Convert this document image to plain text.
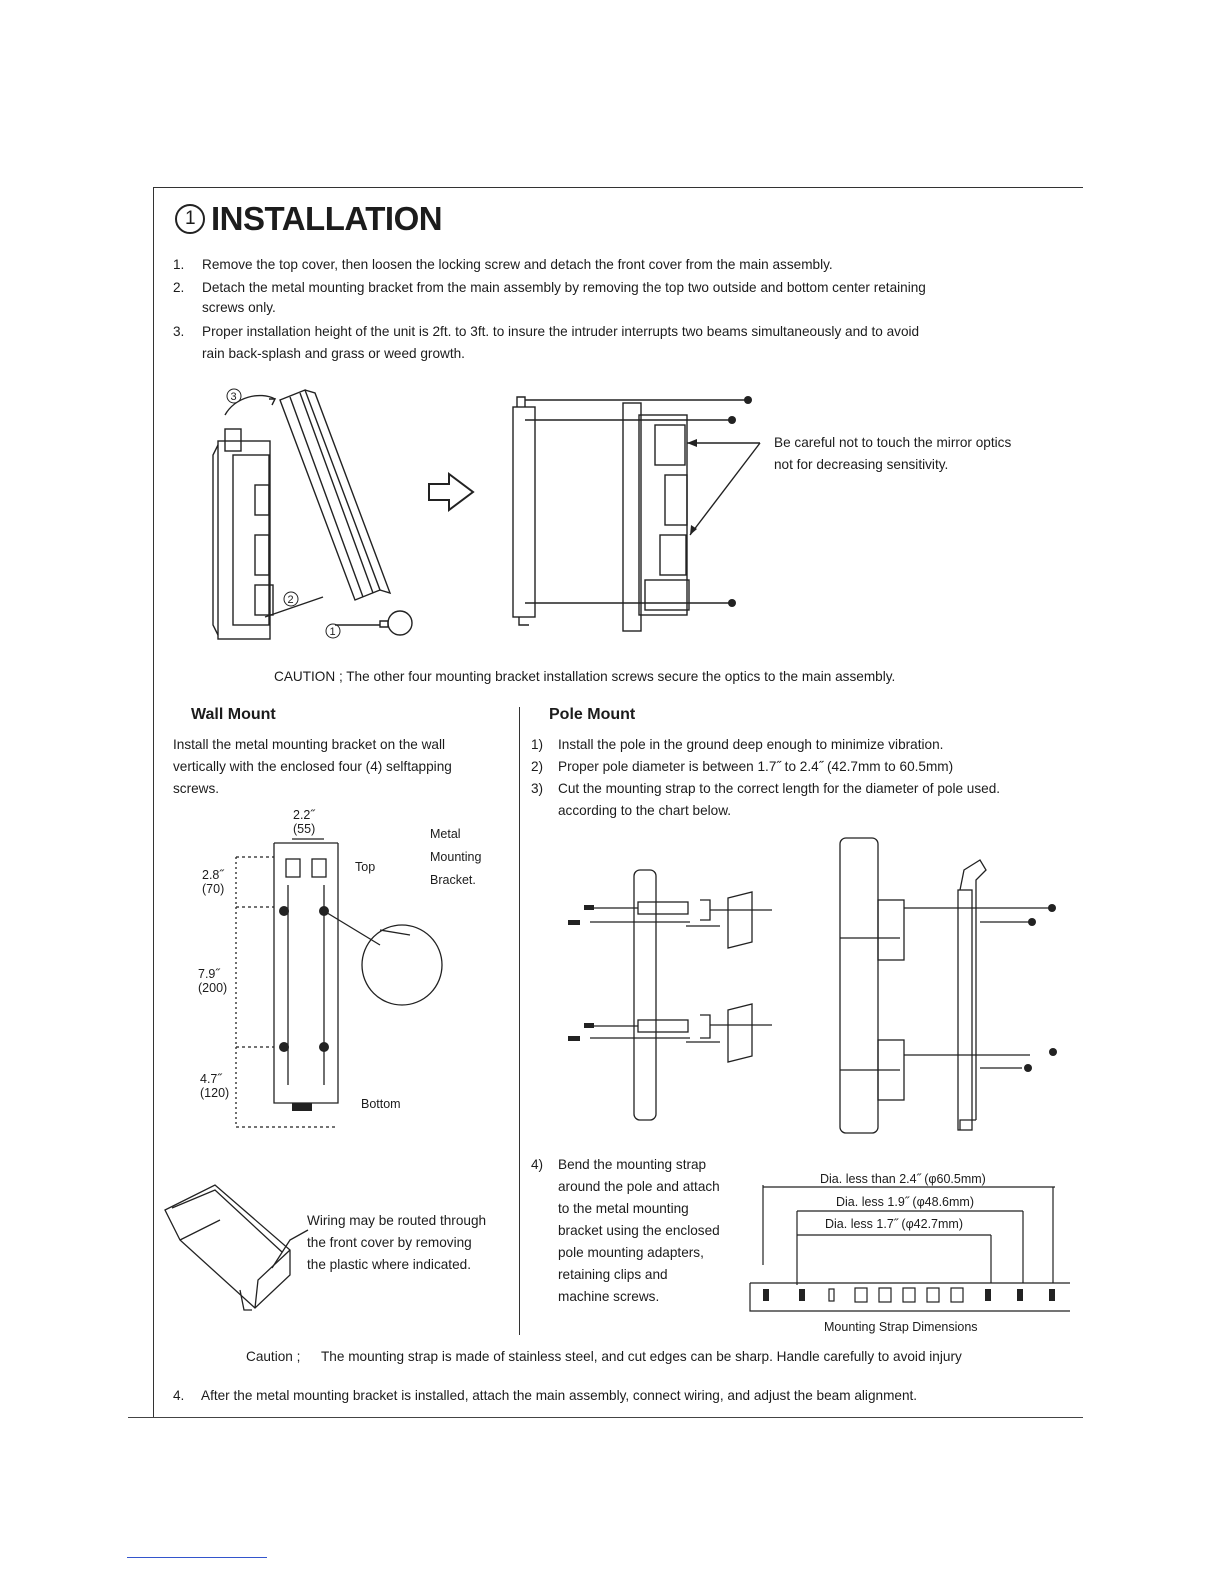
1 INSTALLATION
1. Remove the top cover, then loosen the locking screw and detach the front cover from the main assembly.
2. Detach the metal mounting bracket from the main assembly by removing the top two outside and bottom center retaining
screws only.
3. Proper installation height of the unit is 2ft. to 3ft. to insure the intruder interrupts two beams simultaneously and to avoid
rain back-splash and grass or weed growth.
3
2
1
Be careful not to touch the mirror optics
not for decreasing sensitivity.
CAUTION ; The other four mounting bracket installation screws secure the optics to the main assembly.
Wall Mount
Install the metal mounting bracket on the wall
vertically with the enclosed four (4) selftapping
screws.
2.2˝
(55)
2.8˝
(70)
7.9˝
(200)
4.7˝
(120)
Top
Bottom
Metal
Mounting
Bracket.
Wiring may be routed through
the front cover by removing
the plastic where indicated.
Pole Mount
1) Install the pole in the ground deep enough to minimize vibration.
2) Proper pole diameter is between 1.7˝ to 2.4˝ (42.7mm to 60.5mm)
3) Cut the mounting strap to the correct length for the diameter of pole used.
according to the chart below.
4) Bend the mounting strap
around the pole and attach
to the metal mounting
bracket using the enclosed
pole mounting adapters,
retaining clips and
machine screws.
Dia. less than 2.4˝ (φ60.5mm)
Dia. less 1.9˝ (φ48.6mm)
Dia. less 1.7˝ (φ42.7mm)
Mounting Strap Dimensions
Caution ; The mounting strap is made of stainless steel, and cut edges can be sharp. Handle carefully to avoid injury
4. After the metal mounting bracket is installed, attach the main assembly, connect wiring, and adjust the beam alignment.
